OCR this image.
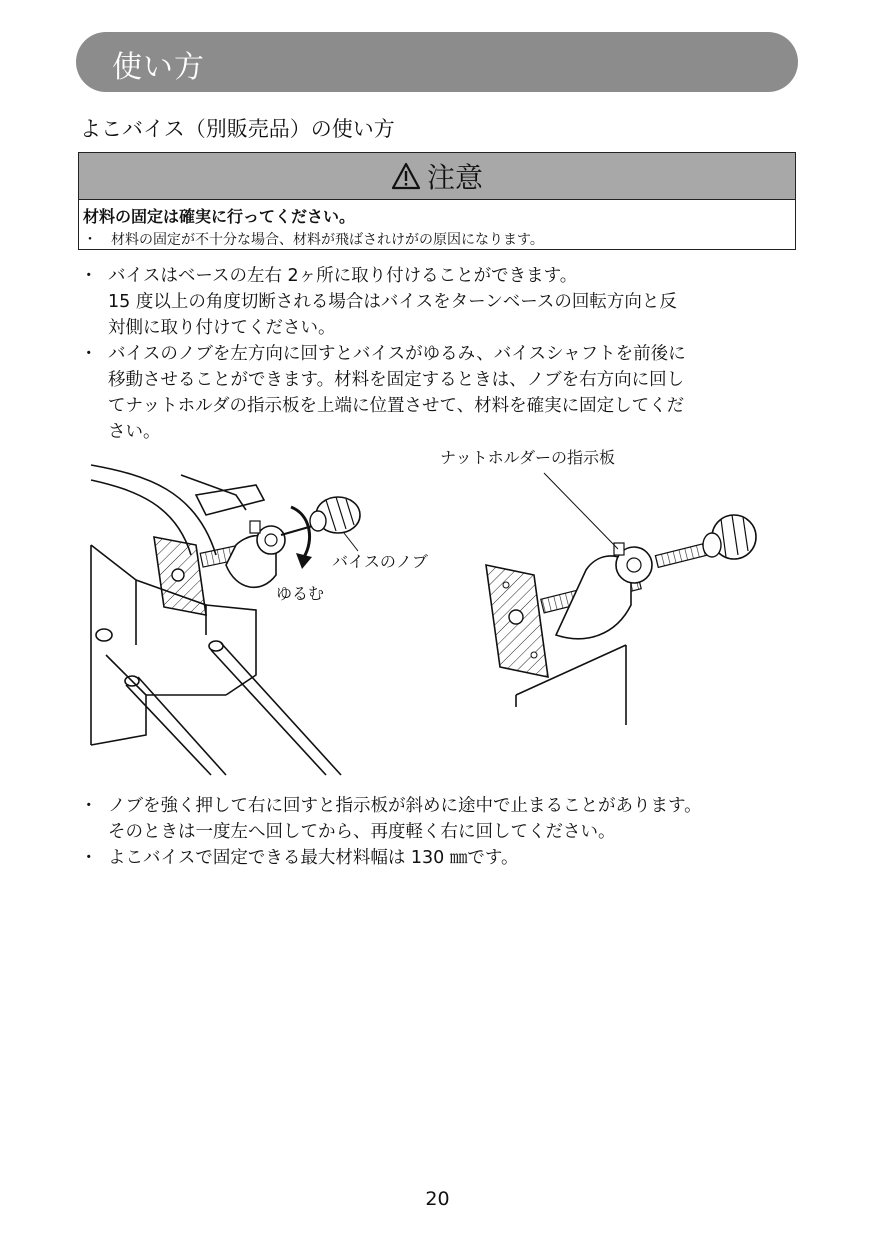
使い方
よこバイス（別販売品）の使い方
注意
材料の固定は確実に行ってください。
・　材料の固定が不十分な場合、材料が飛ばされけがの原因になります。
・ バイスはベースの左右 2ヶ所に取り付けることができます。
15 度以上の角度切断される場合はバイスをターンベースの回転方向と反
対側に取り付けてください。
・ バイスのノブを左方向に回すとバイスがゆるみ、バイスシャフトを前後に
移動させることができます。材料を固定するときは、ノブを右方向に回し
てナットホルダの指示板を上端に位置させて、材料を確実に固定してくだ
さい。
ナットホルダーの指示板
バイスのノブ
ゆるむ
・ ノブを強く押して右に回すと指示板が斜めに途中で止まることがあります。
そのときは一度左へ回してから、再度軽く右に回してください。
・ よこバイスで固定できる最大材料幅は 130 ㎜です。
20
